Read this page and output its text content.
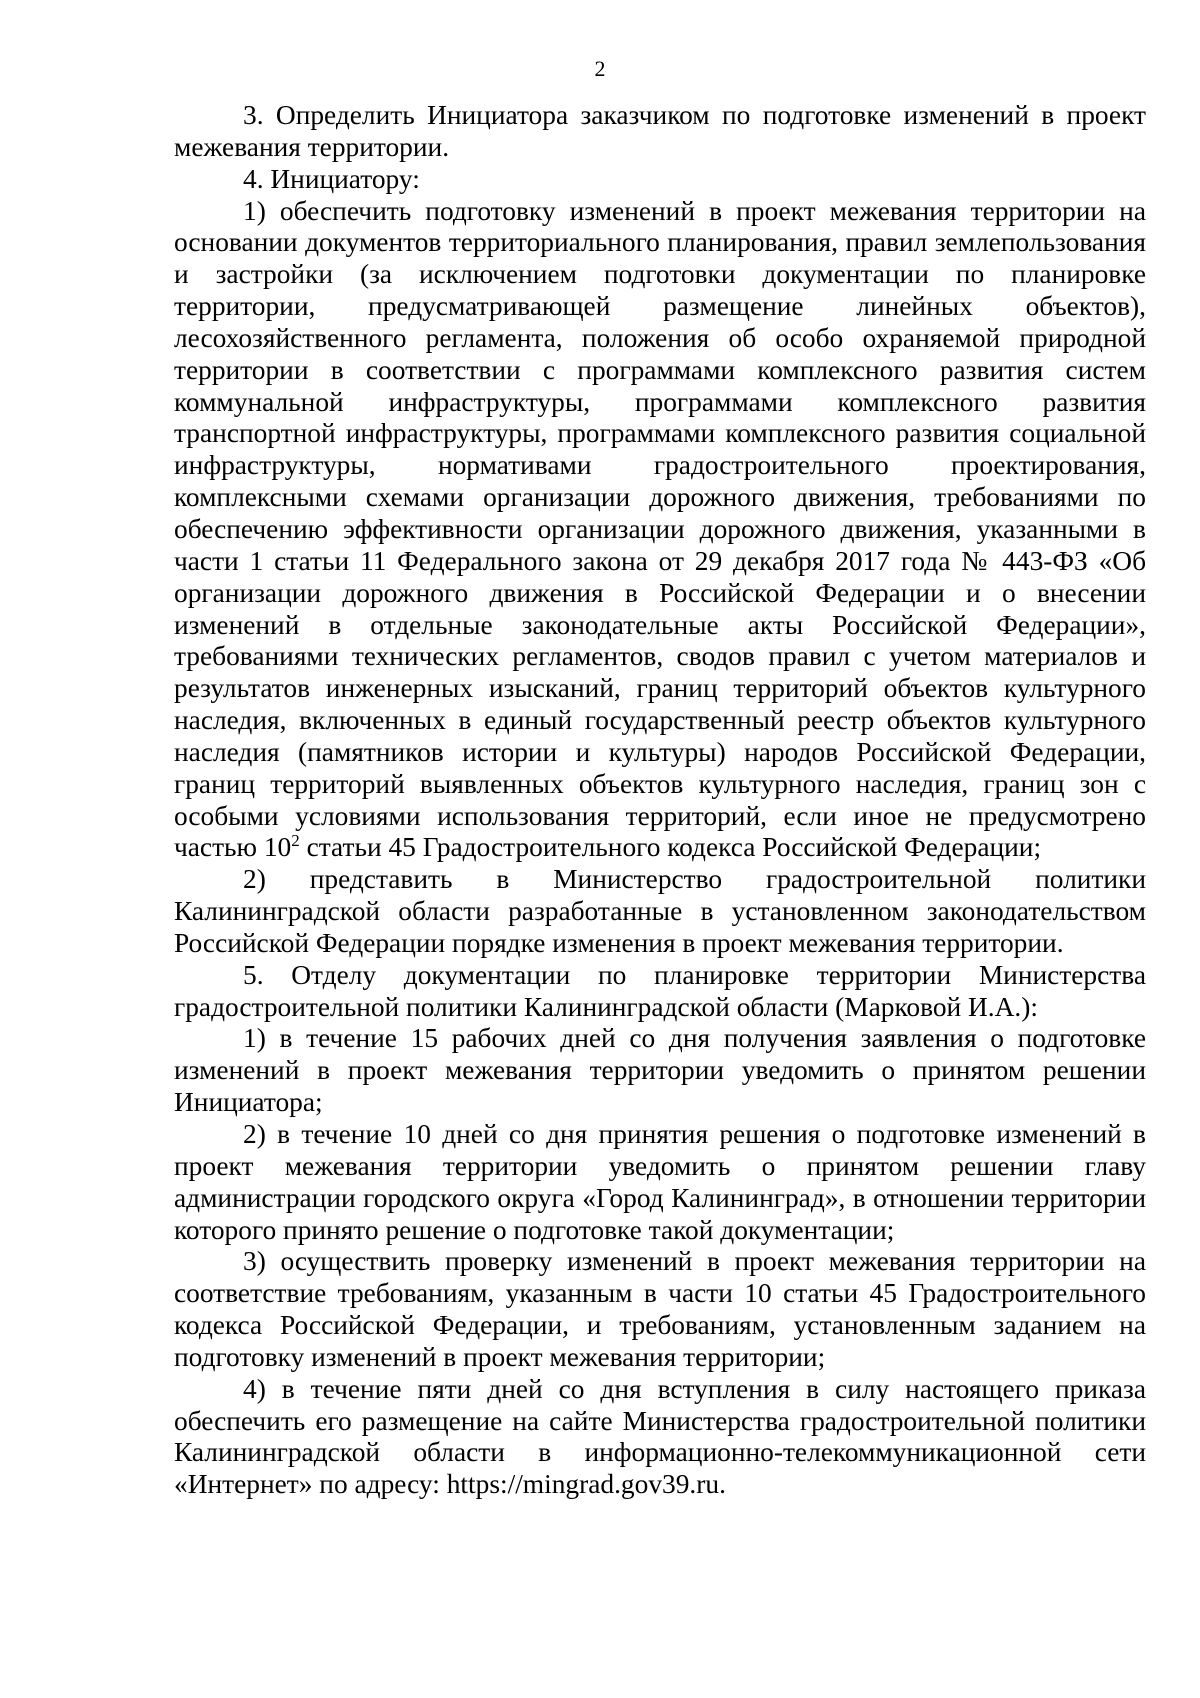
2

3. Определить Инициатора заказчиком по подготовке изменений в проект межевания территории.

4. Инициатору:

1) обеспечить подготовку изменений в проект межевания территории на основании документов территориального планирования, правил землепользования и застройки (за исключением подготовки документации по планировке территории, предусматривающей размещение линейных объектов), лесохозяйственного регламента, положения об особо охраняемой природной территории в соответствии с программами комплексного развития систем коммунальной инфраструктуры, программами комплексного развития транспортной инфраструктуры, программами комплексного развития социальной инфраструктуры, нормативами градостроительного проектирования, комплексными схемами организации дорожного движения, требованиями по обеспечению эффективности организации дорожного движения, указанными в части 1 статьи 11 Федерального закона от 29 декабря 2017 года № 443-ФЗ «Об организации дорожного движения в Российской Федерации и о внесении изменений в отдельные законодательные акты Российской Федерации», требованиями технических регламентов, сводов правил с учетом материалов и результатов инженерных изысканий, границ территорий объектов культурного наследия, включенных в единый государственный реестр объектов культурного наследия (памятников истории и культуры) народов Российской Федерации, границ территорий выявленных объектов культурного наследия, границ зон с особыми условиями использования территорий, если иное не предусмотрено частью $10^2$ статьи 45 Градостроительного кодекса Российской Федерации;

2) представить в Министерство градостроительной политики Калининградской области разработанные в установленном законодательством Российской Федерации порядке изменения в проект межевания территории.

5. Отделу документации по планировке территории Министерства градостроительной политики Калининградской области (Марковой И.А.):

1) в течение 15 рабочих дней со дня получения заявления о подготовке изменений в проект межевания территории уведомить о принятом решении Инициатора;

2) в течение 10 дней со дня принятия решения о подготовке изменений в проект межевания территории уведомить о принятом решении главу администрации городского округа «Город Калининград», в отношении территории которого принято решение о подготовке такой документации;

3) осуществить проверку изменений в проект межевания территории на соответствие требованиям, указанным в части 10 статьи 45 Градостроительного кодекса Российской Федерации, и требованиям, установленным заданием на подготовку изменений в проект межевания территории;

4) в течение пяти дней со дня вступления в силу настоящего приказа обеспечить его размещение на сайте Министерства градостроительной политики Калининградской области в информационно-телекоммуникационной сети «Интернет» по адресу: https://mingrad.gov39.ru.
